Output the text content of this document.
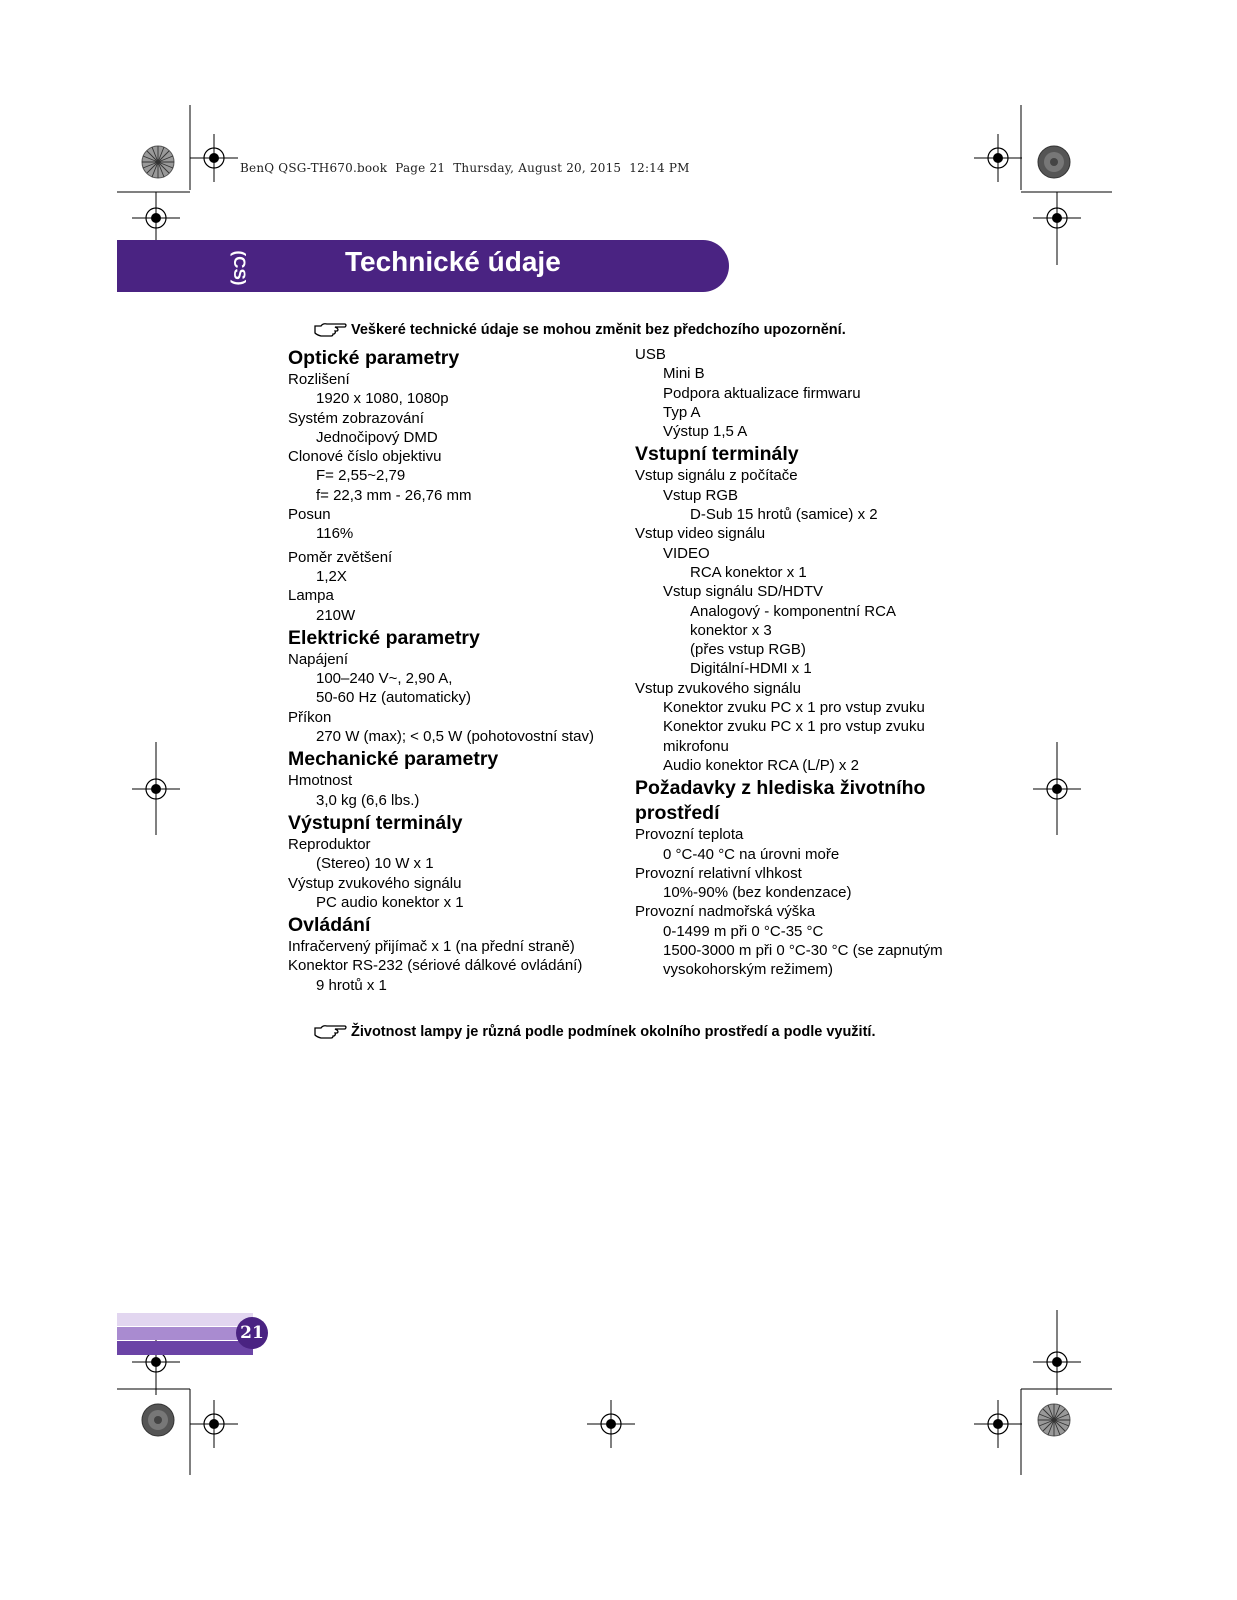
BenQ QSG-TH670.book  Page 21  Thursday, August 20, 2015  12:14 PM
(CS)	Technické údaje
Veškeré technické údaje se mohou změnit bez předchozího upozornění.
Optické parametry
Rozlišení
1920 x 1080, 1080p
Systém zobrazování
Jednočipový DMD
Clonové číslo objektivu
F= 2,55~2,79
f= 22,3 mm - 26,76 mm
Posun
116%
Poměr zvětšení
1,2X
Lampa
210W
Elektrické parametry
Napájení
100–240 V~, 2,90 A,
50-60 Hz (automaticky)
Příkon
270 W (max); < 0,5 W (pohotovostní stav)
Mechanické parametry
Hmotnost
3,0 kg (6,6 lbs.)
Výstupní terminály
Reproduktor
(Stereo) 10 W x 1
Výstup zvukového signálu
PC audio konektor x 1
Ovládání
Infračervený přijímač x 1 (na přední straně)
Konektor RS-232 (sériové dálkové ovládání)
9 hrotů x 1
USB
Mini B
Podpora aktualizace firmwaru
Typ A
Výstup 1,5 A
Vstupní terminály
Vstup signálu z počítače
Vstup RGB
D-Sub 15 hrotů (samice) x 2
Vstup video signálu
VIDEO
RCA konektor x 1
Vstup signálu SD/HDTV
Analogový - komponentní RCA
konektor x 3
(přes vstup RGB)
Digitální-HDMI x 1
Vstup zvukového signálu
Konektor zvuku PC x 1 pro vstup zvuku
Konektor zvuku PC x 1 pro vstup zvuku
mikrofonu
Audio konektor RCA (L/P) x 2
Požadavky z hlediska životního
prostředí
Provozní teplota
0 °C-40 °C na úrovni moře
Provozní relativní vlhkost
10%-90% (bez kondenzace)
Provozní nadmořská výška
0-1499 m při 0 °C-35 °C
1500-3000 m při 0 °C-30 °C (se zapnutým
vysokohorským režimem)
Životnost lampy je různá podle podmínek okolního prostředí a podle využití.
21
